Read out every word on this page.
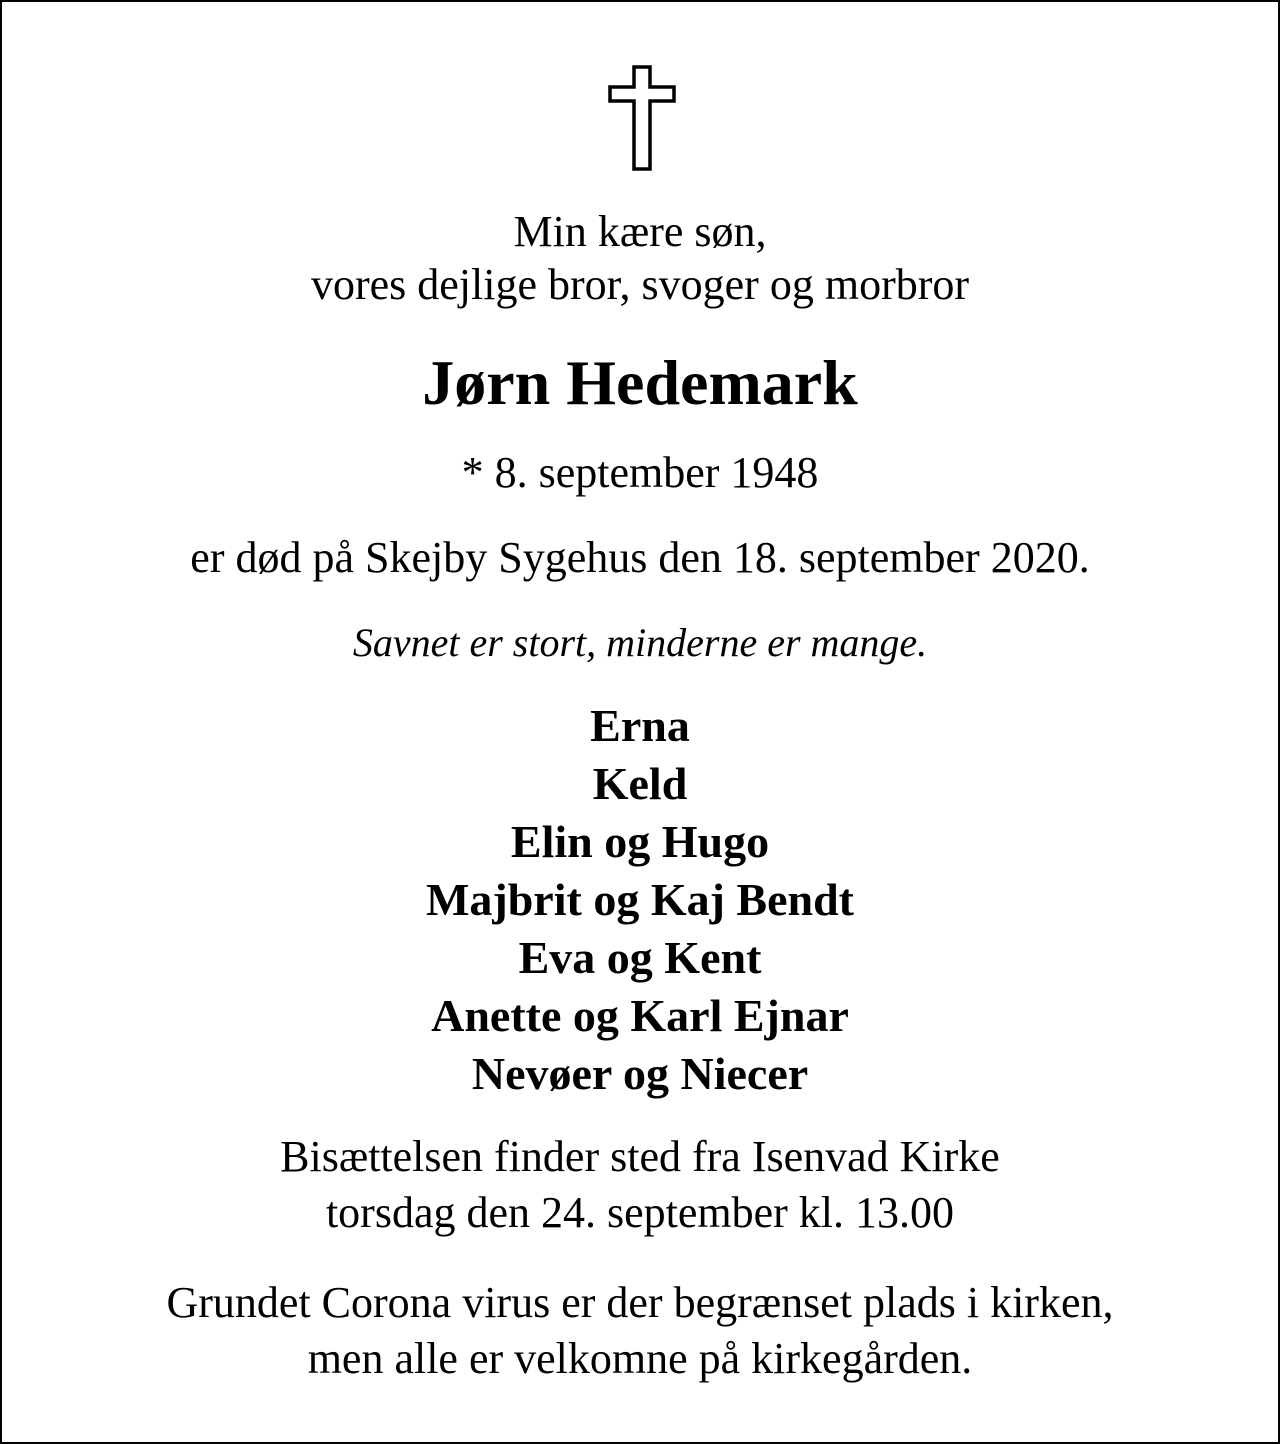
Min kære søn,
vores dejlige bror, svoger og morbror
Jørn Hedemark
* 8. september 1948
er død på Skejby Sygehus den 18. september 2020.
Savnet er stort, minderne er mange.
Erna
Keld
Elin og Hugo
Majbrit og Kaj Bendt
Eva og Kent
Anette og Karl Ejnar
Nevøer og Niecer
Bisættelsen finder sted fra Isenvad Kirke
torsdag den 24. september kl. 13.00
Grundet Corona virus er der begrænset plads i kirken,
men alle er velkomne på kirkegården.
